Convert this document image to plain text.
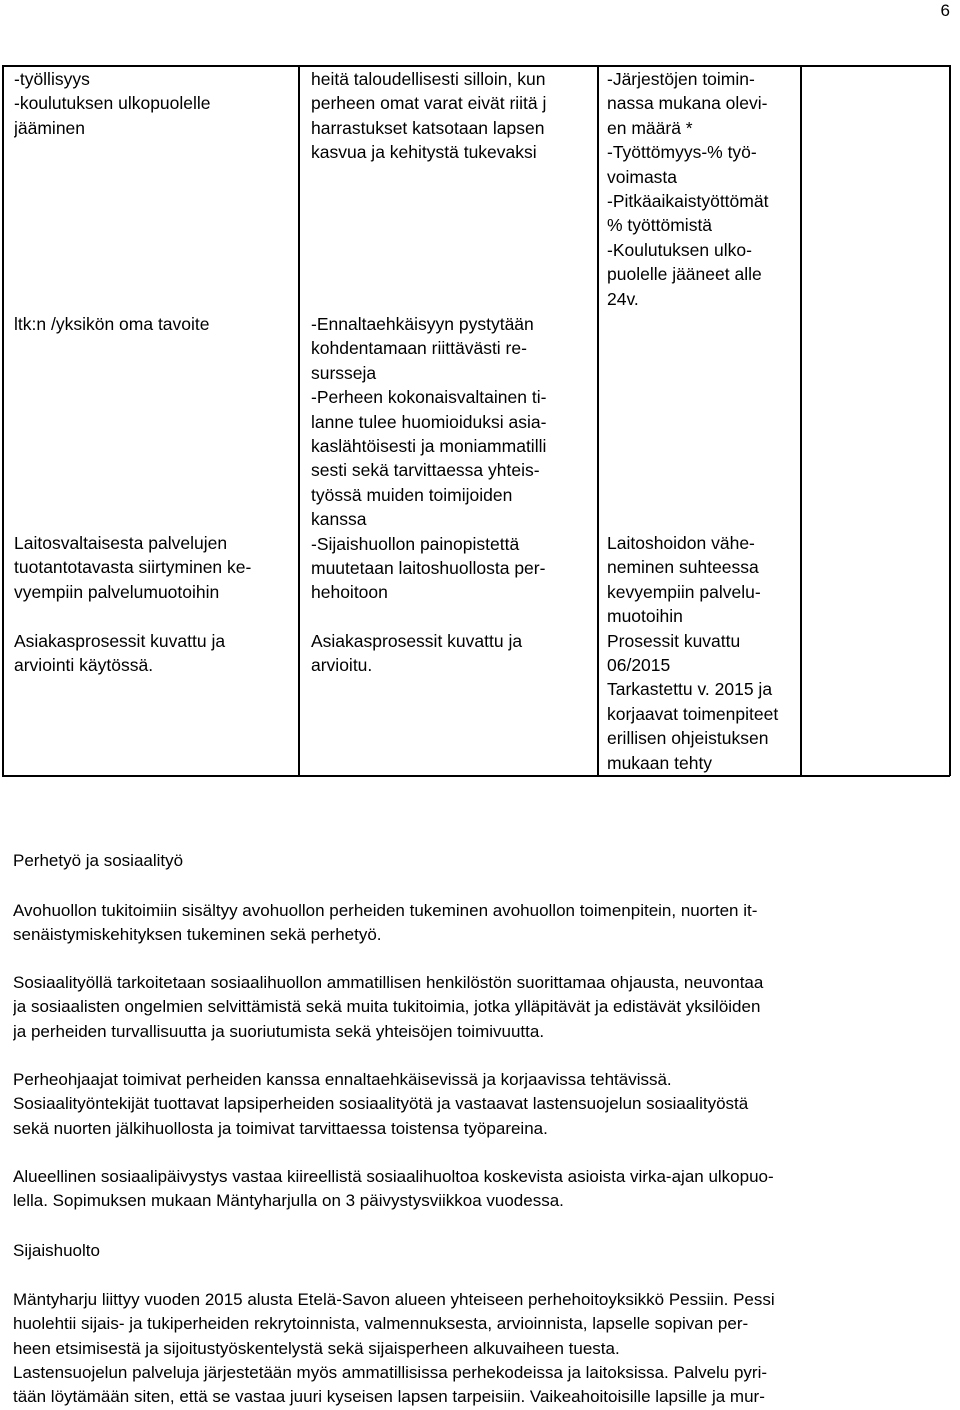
6
-työllisyys
-koulutuksen ulkopuolelle
jääminen
heitä taloudellisesti silloin, kun
perheen omat varat eivät riitä j
harrastukset katsotaan lapsen
kasvua ja kehitystä tukevaksi
-Järjestöjen toimin-
nassa mukana olevi-
en määrä *
-Työttömyys-% työ-
voimasta
-Pitkäaikaistyöttömät
% työttömistä
-Koulutuksen ulko-
puolelle jääneet alle
24v.
ltk:n /yksikön oma tavoite
Laitosvaltaisesta palvelujen
tuotantotavasta siirtyminen ke-
vyempiin palvelumuotoihin
Asiakasprosessit kuvattu ja
arviointi käytössä.
-Ennaltaehkäisyyn pystytään
kohdentamaan riittävästi re-
sursseja
-Perheen kokonaisvaltainen ti-
lanne tulee huomioiduksi asia-
kaslähtöisesti ja moniammatilli
sesti sekä tarvittaessa yhteis-
työssä muiden toimijoiden
kanssa
-Sijaishuollon painopistettä
muutetaan laitoshuollosta per-
hehoitoon
Asiakasprosessit kuvattu ja
arvioitu.
Laitoshoidon vähe-
neminen suhteessa
kevyempiin palvelu-
muotoihin
Prosessit kuvattu
06/2015
Tarkastettu v. 2015 ja
korjaavat toimenpiteet
erillisen ohjeistuksen
mukaan tehty
Perhetyö ja sosiaalityö
Avohuollon tukitoimiin sisältyy avohuollon perheiden tukeminen avohuollon toimenpitein, nuorten it-
senäistymiskehityksen tukeminen sekä perhetyö.
Sosiaalityöllä tarkoitetaan sosiaalihuollon ammatillisen henkilöstön suorittamaa ohjausta, neuvontaa
ja sosiaalisten ongelmien selvittämistä sekä muita tukitoimia, jotka ylläpitävät ja edistävät yksilöiden
ja perheiden turvallisuutta ja suoriutumista sekä yhteisöjen toimivuutta.
Perheohjaajat toimivat perheiden kanssa ennaltaehkäisevissä ja korjaavissa tehtävissä.
Sosiaalityöntekijät tuottavat lapsiperheiden sosiaalityötä ja vastaavat lastensuojelun sosiaalityöstä
sekä nuorten jälkihuollosta ja toimivat tarvittaessa toistensa työpareina.
Alueellinen sosiaalipäivystys vastaa kiireellistä sosiaalihuoltoa koskevista asioista virka-ajan ulkopuo-
lella. Sopimuksen mukaan Mäntyharjulla on 3 päivystysviikkoa vuodessa.
Sijaishuolto
Mäntyharju liittyy vuoden 2015 alusta Etelä-Savon alueen yhteiseen perhehoitoyksikkö Pessiin. Pessi
huolehtii sijais- ja tukiperheiden rekrytoinnista, valmennuksesta, arvioinnista, lapselle sopivan per-
heen etsimisestä ja sijoitustyöskentelystä sekä sijaisperheen alkuvaiheen tuesta.
Lastensuojelun palveluja järjestetään myös ammatillisissa perhekodeissa ja laitoksissa. Palvelu pyri-
tään löytämään siten, että se vastaa juuri kyseisen lapsen tarpeisiin. Vaikeahoitoisille lapsille ja mur-
